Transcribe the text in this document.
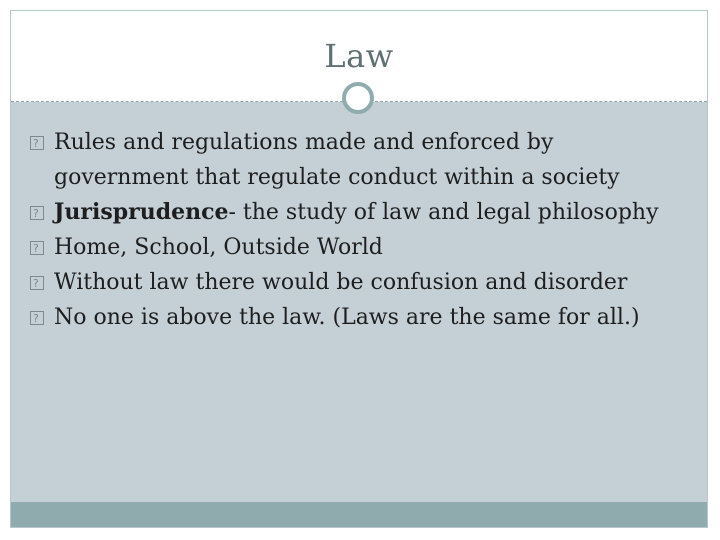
Law

?
Rules and regulations made and enforced by government that regulate conduct within a society

?
Jurisprudence- the study of law and legal philosophy

?
Home, School, Outside World

?
Without law there would be confusion and disorder

?
No one is above the law. (Laws are the same for all.)
